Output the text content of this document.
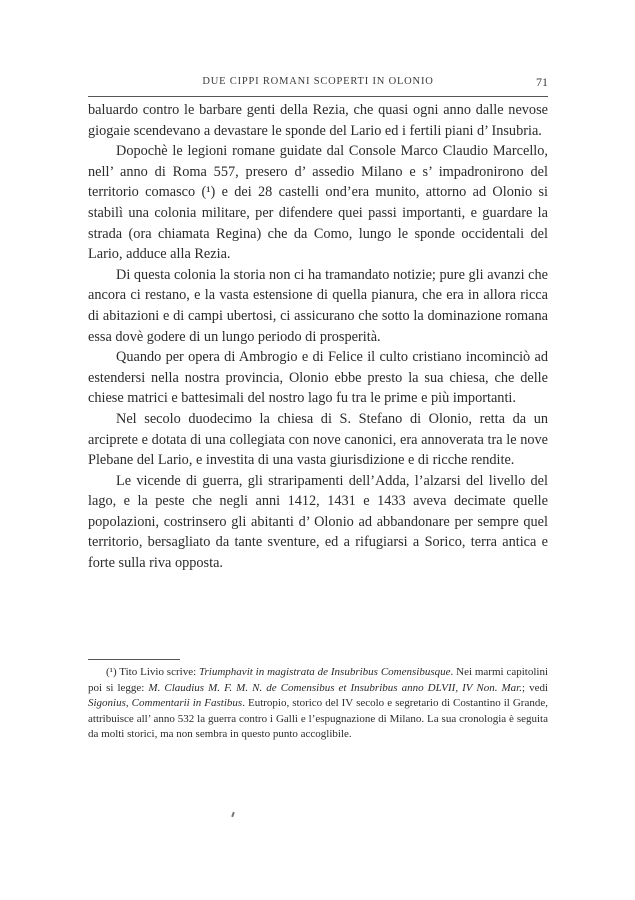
DUE CIPPI ROMANI SCOPERTI IN OLONIO	71

baluardo contro le barbare genti della Rezia, che quasi ogni anno dalle nevose giogaie scendevano a devastare le sponde del Lario ed i fertili piani d’ Insubria.

Dopochè le legioni romane guidate dal Console Marco Claudio Marcello, nell’ anno di Roma 557, presero d’ assedio Milano e s’ impadronirono del territorio comasco (¹) e dei 28 castelli ond’era munito, attorno ad Olonio si stabilì una colonia militare, per difendere quei passi importanti, e guardare la strada (ora chiamata Regina) che da Como, lungo le sponde occidentali del Lario, adduce alla Rezia.

Di questa colonia la storia non ci ha tramandato notizie; pure gli avanzi che ancora ci restano, e la vasta estensione di quella pianura, che era in allora ricca di abitazioni e di campi ubertosi, ci assicurano che sotto la dominazione romana essa dovè godere di un lungo periodo di prosperità.

Quando per opera di Ambrogio e di Felice il culto cristiano incominciò ad estendersi nella nostra provincia, Olonio ebbe presto la sua chiesa, che delle chiese matrici e battesimali del nostro lago fu tra le prime e più importanti.

Nel secolo duodecimo la chiesa di S. Stefano di Olonio, retta da un arciprete e dotata di una collegiata con nove canonici, era annoverata tra le nove Plebane del Lario, e investita di una vasta giurisdizione e di ricche rendite.

Le vicende di guerra, gli straripamenti dell’Adda, l’alzarsi del livello del lago, e la peste che negli anni 1412, 1431 e 1433 aveva decimate quelle popolazioni, costrinsero gli abitanti d’ Olonio ad abbandonare per sempre quel territorio, bersagliato da tante sventure, ed a rifugiarsi a Sorico, terra antica e forte sulla riva opposta.

(¹) Tito Livio scrive: Triumphavit in magistrata de Insubribus Comensibusque. Nei marmi capitolini poi si legge: M. Claudius M. F. M. N. de Comensibus et Insubribus anno DLVII, IV Non. Mar.; vedi Sigonius, Commentarii in Fastibus. Eutropio, storico del IV secolo e segretario di Costantino il Grande, attribuisce all’ anno 532 la guerra contro i Galli e l’espugnazione di Milano. La sua cronologia è seguita da molti storici, ma non sembra in questo punto accoglibile.
